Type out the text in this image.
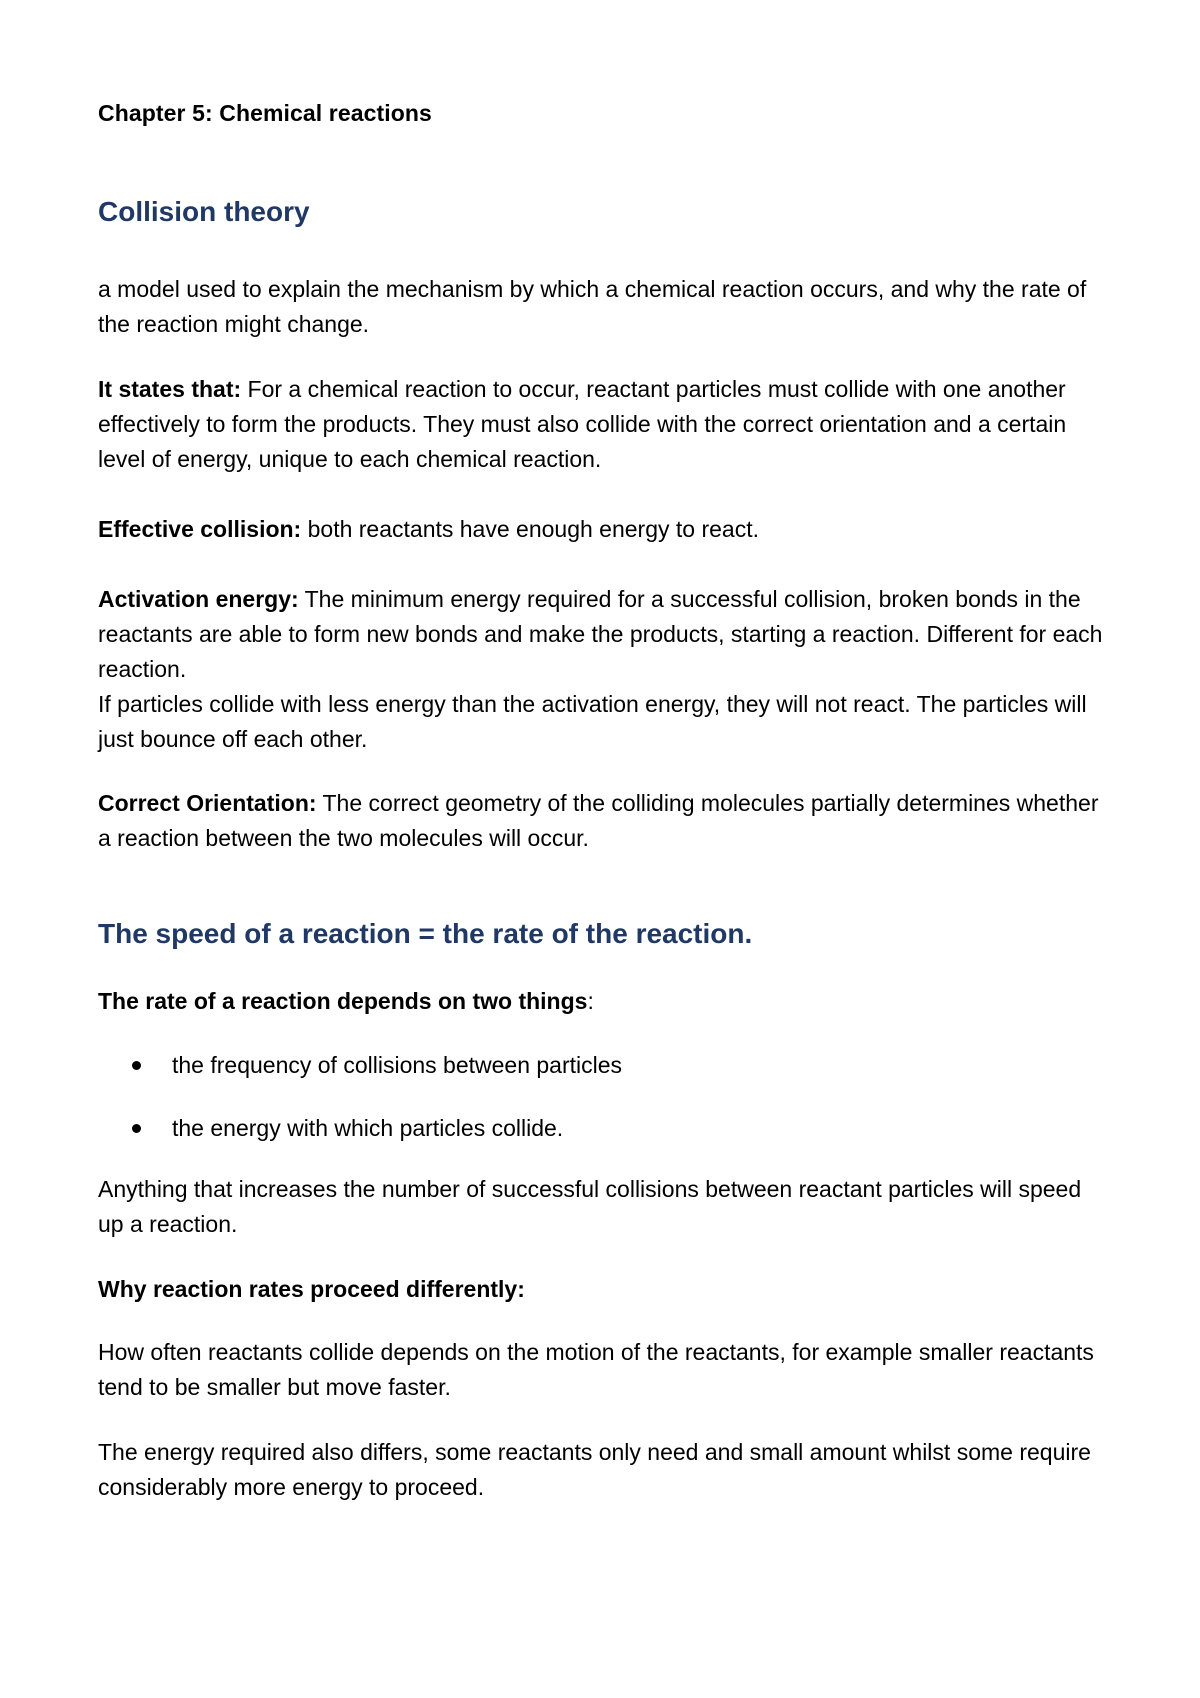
Chapter 5: Chemical reactions
Collision theory
a model used to explain the mechanism by which a chemical reaction occurs, and why the rate of the reaction might change.
It states that: For a chemical reaction to occur, reactant particles must collide with one another effectively to form the products. They must also collide with the correct orientation and a certain level of energy, unique to each chemical reaction.
Effective collision: both reactants have enough energy to react.
Activation energy: The minimum energy required for a successful collision, broken bonds in the reactants are able to form new bonds and make the products, starting a reaction. Different for each reaction.
If particles collide with less energy than the activation energy, they will not react. The particles will just bounce off each other.
Correct Orientation: The correct geometry of the colliding molecules partially determines whether a reaction between the two molecules will occur.
The speed of a reaction = the rate of the reaction.
The rate of a reaction depends on two things:
the frequency of collisions between particles
the energy with which particles collide.
Anything that increases the number of successful collisions between reactant particles will speed up a reaction.
Why reaction rates proceed differently:
How often reactants collide depends on the motion of the reactants, for example smaller reactants tend to be smaller but move faster.
The energy required also differs, some reactants only need and small amount whilst some require considerably more energy to proceed.
